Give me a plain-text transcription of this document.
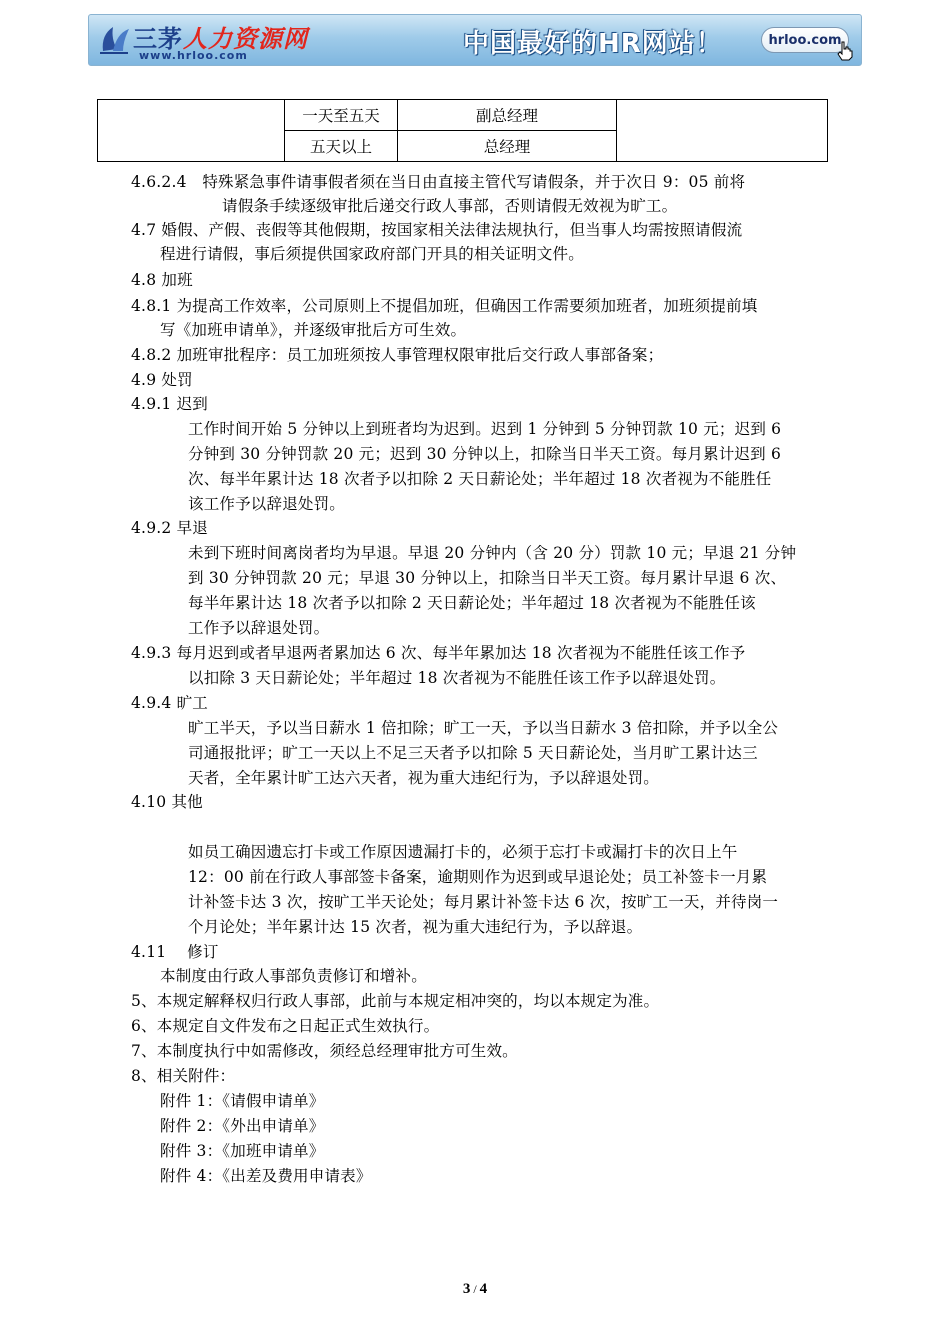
三茅人力资源网
www.hrloo.com	中国最好的HR网站！	hrloo.com
	一天至五天	副总经理	
	五天以上	总经理	
4.6.2.4　特殊紧急事件请事假者须在当日由直接主管代写请假条，并于次日 9：05 前将
请假条手续逐级审批后递交行政人事部，否则请假无效视为旷工。
4.7 婚假、产假、丧假等其他假期，按国家相关法律法规执行，但当事人均需按照请假流
程进行请假，事后须提供国家政府部门开具的相关证明文件。
4.8 加班
4.8.1 为提高工作效率，公司原则上不提倡加班，但确因工作需要须加班者，加班须提前填
写《加班申请单》，并逐级审批后方可生效。
4.8.2 加班审批程序：员工加班须按人事管理权限审批后交行政人事部备案；
4.9 处罚
4.9.1 迟到
工作时间开始 5 分钟以上到班者均为迟到。迟到 1 分钟到 5 分钟罚款 10 元；迟到 6
分钟到 30 分钟罚款 20 元；迟到 30 分钟以上，扣除当日半天工资。每月累计迟到 6
次、每半年累计达 18 次者予以扣除 2 天日薪论处；半年超过 18 次者视为不能胜任
该工作予以辞退处罚。
4.9.2 早退
未到下班时间离岗者均为早退。早退 20 分钟内（含 20 分）罚款 10 元；早退 21 分钟
到 30 分钟罚款 20 元；早退 30 分钟以上，扣除当日半天工资。每月累计早退 6 次、
每半年累计达 18 次者予以扣除 2 天日薪论处；半年超过 18 次者视为不能胜任该
工作予以辞退处罚。
4.9.3 每月迟到或者早退两者累加达 6 次、每半年累加达 18 次者视为不能胜任该工作予
以扣除 3 天日薪论处；半年超过 18 次者视为不能胜任该工作予以辞退处罚。
4.9.4 旷工
旷工半天，予以当日薪水 1 倍扣除；旷工一天，予以当日薪水 3 倍扣除，并予以全公
司通报批评；旷工一天以上不足三天者予以扣除 5 天日薪论处，当月旷工累计达三
天者，全年累计旷工达六天者，视为重大违纪行为，予以辞退处罚。
4.10 其他
如员工确因遗忘打卡或工作原因遗漏打卡的，必须于忘打卡或漏打卡的次日上午
12：00 前在行政人事部签卡备案，逾期则作为迟到或早退论处；员工补签卡一月累
计补签卡达 3 次，按旷工半天论处；每月累计补签卡达 6 次，按旷工一天，并待岗一
个月论处；半年累计达 15 次者，视为重大违纪行为，予以辞退。
4.11　 修订
本制度由行政人事部负责修订和增补。
5、本规定解释权归行政人事部，此前与本规定相冲突的，均以本规定为准。
6、本规定自文件发布之日起正式生效执行。
7、本制度执行中如需修改，须经总经理审批方可生效。
8、相关附件：
附件 1：《请假申请单》
附件 2：《外出申请单》
附件 3：《加班申请单》
附件 4：《出差及费用申请表》
3 / 4
